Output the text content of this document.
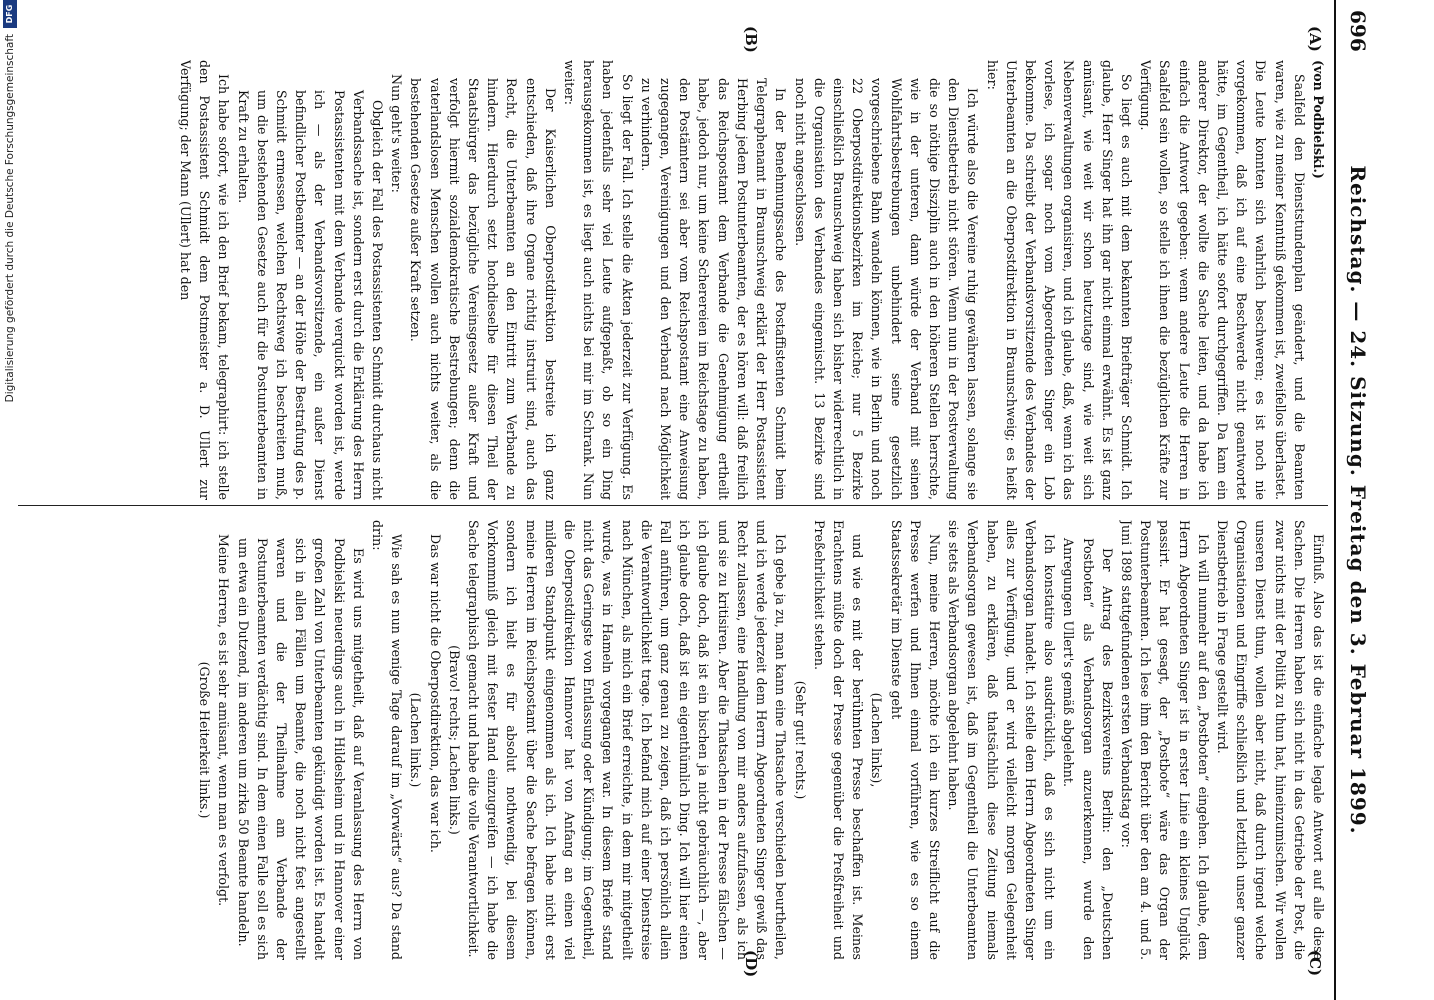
696
Reichstag. — 24. Sitzung. Freitag den 3. Februar 1899.
(A)
(B)
(C)
(D)
(von Podbielski.)
Saalfeld den Dienststundenplan geändert, und die Beamten waren, wie zu meiner Kenntniß gekommen ist, zweifellos überlastet. Die Leute konnten sich wahrlich beschweren; es ist noch nie vorgekommen, daß ich auf eine Beschwerde nicht geantwortet hätte, im Gegentheil, ich hätte sofort durchgegriffen. Da kam ein anderer Direktor, der wollte die Sache leiten, und da habe ich einfach die Antwort gegeben: wenn andere Leute die Herren in Saalfeld sein wollen, so stelle ich ihnen die bezüglichen Kräfte zur Verfügung.
So liegt es auch mit dem bekannten Briefträger Schmidt. Ich glaube, Herr Singer hat ihn gar nicht einmal erwähnt. Es ist ganz amüsant, wie weit wir schon heutzutage sind, wie weit sich Nebenverwaltungen organisiren, und ich glaube, daß, wenn ich das vorlese, ich sogar noch vom Abgeordneten Singer ein Lob bekomme. Da schreibt der Verbandsvorsitzende des Verbandes der Unterbeamten an die Oberpostdirektion in Braunschweig; es heißt hier:
Ich würde also die Vereine ruhig gewähren lassen, solange sie den Dienstbetrieb nicht stören. Wenn nun in der Postverwaltung die so nöthige Disziplin auch in den höheren Stellen herrschte, wie in der unteren, dann würde der Verband mit seinen Wohlfahrtsbestrebungen unbehindert seine gesetzlich vorgeschriebene Bahn wandeln können, wie in Berlin und noch 22 Oberpostdirektionsbezirken im Reiche; nur 5 Bezirke einschließlich Braunschweig haben sich bisher widerrechtlich in die Organisation des Verbandes eingemischt. 13 Bezirke sind noch nicht angeschlossen.
In der Benehmungssache des Postaffistenten Schmidt beim Telegraphenamt in Braunschweig erklärt der Herr Postassistent Herbing jedem Postunterbeamten, der es hören will: daß freilich das Reichspostamt dem Verbande die Genehmigung ertheilt habe, jedoch nur, um keine Scherereien im Reichstage zu haben, den Postämtern sei aber vom Reichspostamt eine Anweisung zugegangen, Vereinigungen und den Verband nach Möglichkeit zu verhindern.
So liegt der Fall. Ich stelle die Akten jederzeit zur Verfügung. Es haben jedenfalls sehr viel Leute aufgepaßt, ob so ein Ding herausgekommen ist, es liegt auch nichts bei mir im Schrank. Nun weiter:
Der Kaiserlichen Oberpostdirektion bestreite ich ganz entschieden, daß ihre Organe richtig instruirt sind, auch das Recht, die Unterbeamten an den Eintritt zum Verbande zu hindern. Hierdurch setzt hochdieselbe für diesen Theil der Staatsbürger das bezügliche Vereinsgesetz außer Kraft und verfolgt hiermit sozialdemokratische Bestrebungen; denn die vaterlandslosen Menschen wollen auch nichts weiter, als die bestehenden Gesetze außer Kraft setzen.
Nun geht's weiter:
Obgleich der Fall des Postassistenten Schmidt durchaus nicht Verbandssache ist, sondern erst durch die Erklärung des Herrn Postassistenten mit dem Verbande verquickt worden ist, werde ich — als der Verbandsvorsitzende, ein außer Dienst befindlicher Postbeamter — an der Höhe der Bestrafung des p. Schmidt ermessen, welchen Rechtsweg ich beschreiten muß, um die bestehenden Gesetze auch für die Postunterbeamten in Kraft zu erhalten.
Ich habe sofort, wie ich den Brief bekam, telegraphirt: ich stelle den Postassistent Schmidt dem Postmeister a. D. Ullert zur Verfügung; der Mann (Ullert) hat den
Einfluß. Also das ist die einfache legale Antwort auf alle diese Sachen. Die Herren haben sich nicht in das Getriebe der Post, die zwar nichts mit der Politik zu thun hat, hineinzumischen. Wir wollen unseren Dienst thun, wollen aber nicht, daß durch irgend welche Organisationen und Eingriffe schließlich und letztlich unser ganzer Dienstbetrieb in Frage gestellt wird.
Ich will nunmehr auf den „Postboten“ eingehen. Ich glaube, dem Herrn Abgeordneten Singer ist in erster Linie ein kleines Unglück passirt. Er hat gesagt, der „Postbote“ wäre das Organ der Postunterbeamten. Ich lese ihm den Bericht über den am 4. und 5. Juni 1898 stattgefundenen ersten Verbandstag vor:
Der Antrag des Bezirksvereins Berlin: den „Deutschen Postboten“ als Verbandsorgan anzuerkennen, wurde den Anregungen Ullert's gemäß abgelehnt.
Ich konstatire also ausdrücklich, daß es sich nicht um ein Verbandsorgan handelt. Ich stelle dem Herrn Abgeordneten Singer alles zur Verfügung, und er wird vielleicht morgen Gelegenheit haben, zu erklären, daß thatsächlich diese Zeitung niemals Verbandsorgan gewesen ist, daß im Gegentheil die Unterbeamten sie stets als Verbandsorgan abgelehnt haben.
Nun, meine Herren, möchte ich ein kurzes Streiflicht auf die Presse werfen und Ihnen einmal vorführen, wie es so einem Staatssekretär im Dienste geht
(Lachen links),
und wie es mit der berühmten Presse beschaffen ist. Meines Erachtens müßte doch der Presse gegenüber die Preßfreiheit und Preßehrlichkeit stehen.
(Sehr gut! rechts.)
Ich gebe ja zu, man kann eine Thatsache verschieden beurtheilen, und ich werde jederzeit dem Herrn Abgeordneten Singer gewiß das Recht zulassen, eine Handlung von mir anders aufzufassen, als ich und sie zu kritisiren. Aber die Thatsachen in der Presse fälschen — ich glaube doch, daß ist ein bischen ja nicht gebräuchlich —, aber ich glaube doch, daß ist ein eigenthümlich Ding. Ich will hier einen Fall anführen, um ganz genau zu zeigen, daß ich persönlich allein die Verantwortlichkeit trage. Ich befand mich auf einer Dienstreise nach München, als mich ein Brief erreichte, in dem mir mitgetheilt wurde, was in Hameln vorgegangen war. In diesem Briefe stand nicht das Geringste von Entlassung oder Kündigung; im Gegentheil, die Oberpostdirektion Hannover hat von Anfang an einen viel milderen Standpunkt eingenommen als ich. Ich habe nicht erst meine Herren im Reichspostamt über die Sache befragen können, sondern ich hielt es für absolut nothwendig, bei diesem Vorkommniß gleich mit fester Hand einzugreifen — ich habe die Sache telegraphisch gemacht und habe die volle Verantwortlichkeit.
(Bravo! rechts; Lachen links.)
Das war nicht die Oberpostdirektion, das war ich.
(Lachen links.)
Wie sah es nun wenige Tage darauf im „Vorwärts“ aus? Da stand drin:
Es wird uns mitgetheilt, daß auf Veranlassung des Herrn von Podbielski neuerdings auch in Hildesheim und in Hannover einer großen Zahl von Unterbeamten gekündigt worden ist. Es handelt sich in allen Fällen um Beamte, die noch nicht fest angestellt waren und die der Theilnahme am Verbande der Postunterbeamten verdächtig sind. In dem einen Falle soll es sich um etwa ein Dutzend, im anderen um zirka 50 Beamte handeln.
Meine Herren, es ist sehr amüsant, wenn man es verfolgt.
(Große Heiterkeit links.)
Digitalisierung gefördert durch die Deutsche Forschungsgemeinschaft
DFG
